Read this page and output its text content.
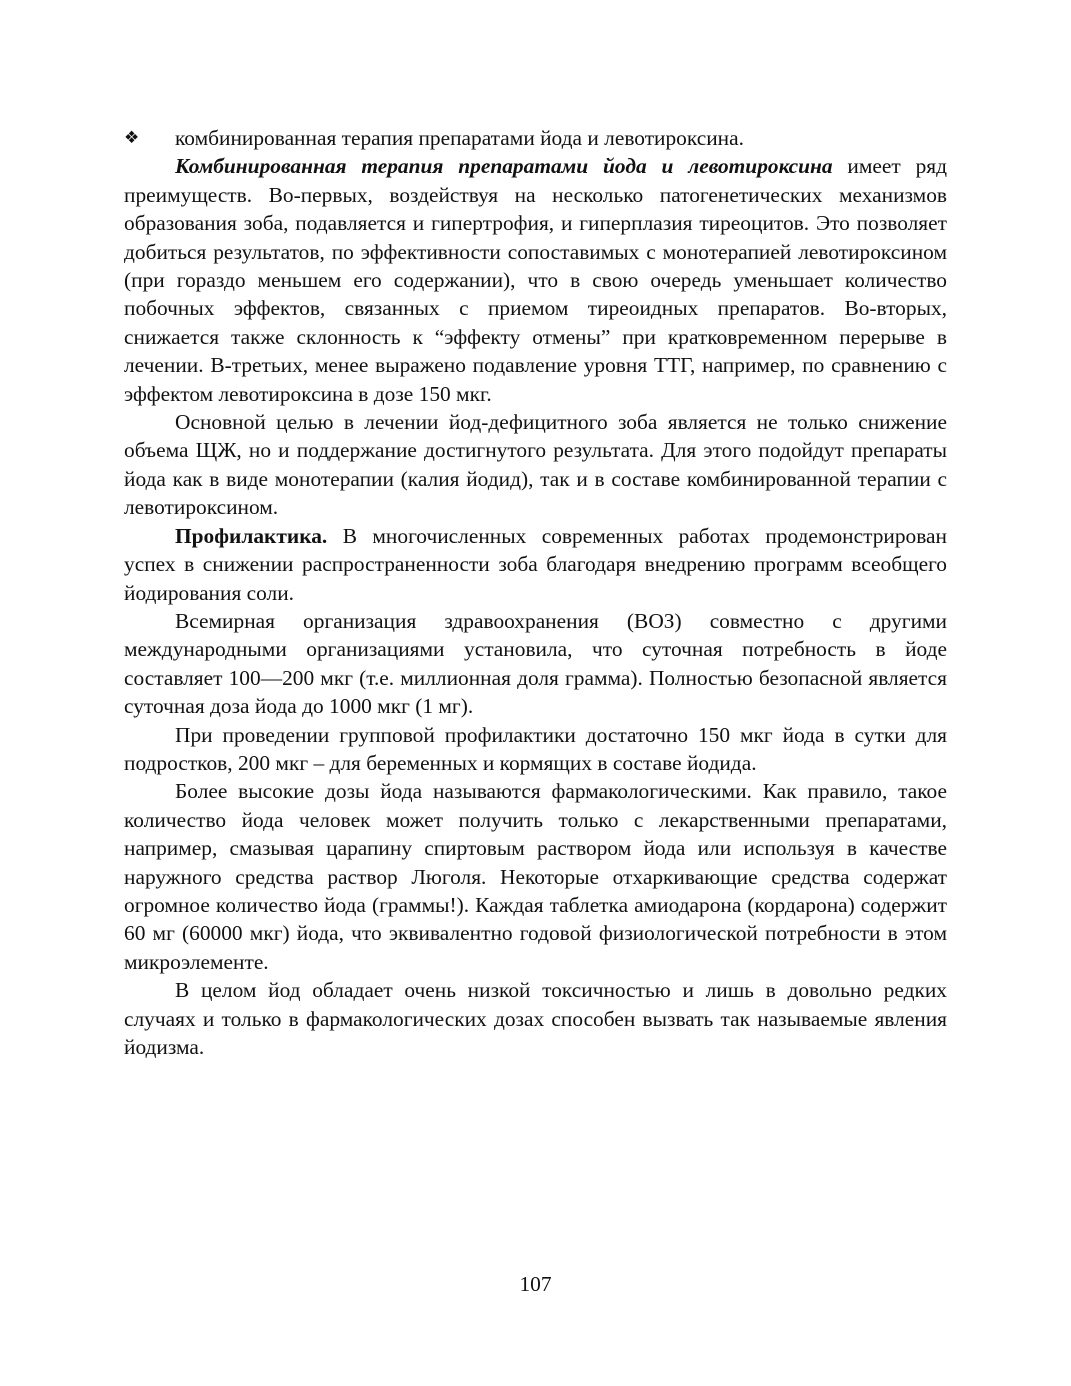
❖ комбинированная терапия препаратами йода и левотироксина.

Комбинированная терапия препаратами йода и левотироксина имеет ряд преимуществ. Во-первых, воздействуя на несколько патогенетических механизмов образования зоба, подавляется и гипертрофия, и гиперплазия тиреоцитов. Это позволяет добиться результатов, по эффективности сопоставимых с монотерапией левотироксином (при гораздо меньшем его содержании), что в свою очередь уменьшает количество побочных эффектов, связанных с приемом тиреоидных препаратов. Во-вторых, снижается также склонность к “эффекту отмены” при кратковременном перерыве в лечении. В-третьих, менее выражено подавление уровня ТТГ, например, по сравнению с эффектом левотироксина в дозе 150 мкг.

Основной целью в лечении йод-дефицитного зоба является не только снижение объема ЩЖ, но и поддержание достигнутого результата. Для этого подойдут препараты йода как в виде монотерапии (калия йодид), так и в составе комбинированной терапии с левотироксином.

Профилактика. В многочисленных современных работах продемонстрирован успех в снижении распространенности зоба благодаря внедрению программ всеобщего йодирования соли.

Всемирная организация здравоохранения (ВОЗ) совместно с другими международными организациями установила, что суточная потребность в йоде составляет 100—200 мкг (т.е. миллионная доля грамма). Полностью безопасной является суточная доза йода до 1000 мкг (1 мг).

При проведении групповой профилактики достаточно 150 мкг йода в сутки для подростков, 200 мкг – для беременных и кормящих в составе йодида.

Более высокие дозы йода называются фармакологическими. Как правило, такое количество йода человек может получить только с лекарственными препаратами, например, смазывая царапину спиртовым раствором йода или используя в качестве наружного средства раствор Люголя. Некоторые отхаркивающие средства содержат огромное количество йода (граммы!). Каждая таблетка амиодарона (кордарона) содержит 60 мг (60000 мкг) йода, что эквивалентно годовой физиологической потребности в этом микроэлементе.

В целом йод обладает очень низкой токсичностью и лишь в довольно редких случаях и только в фармакологических дозах способен вызвать так называемые явления йодизма.

107
